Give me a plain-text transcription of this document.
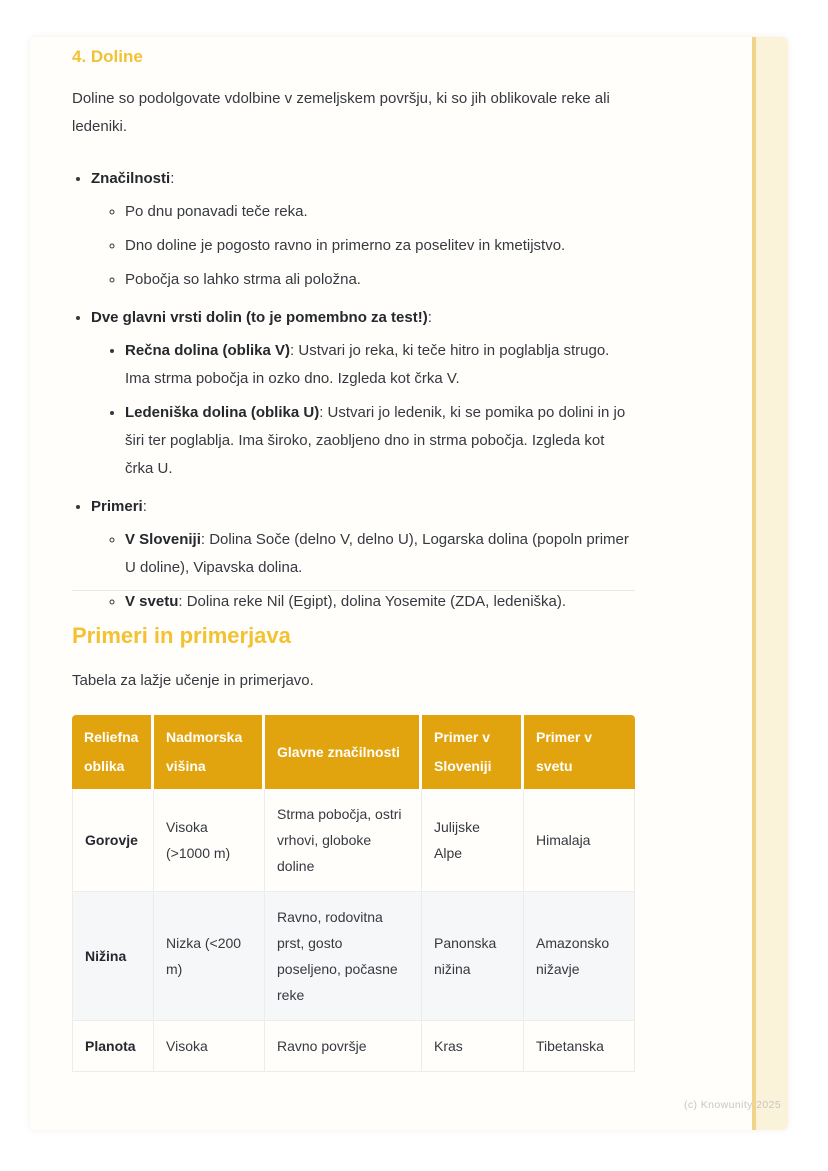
4. Doline

Doline so podolgovate vdolbine v zemeljskem površju, ki so jih oblikovale reke ali ledeniki.

• Značilnosti:
◦ Po dnu ponavadi teče reka.
◦ Dno doline je pogosto ravno in primerno za poselitev in kmetijstvo.
◦ Pobočja so lahko strma ali položna.
• Dve glavni vrsti dolin (to je pomembno za test!):
• Rečna dolina (oblika V): Ustvari jo reka, ki teče hitro in poglablja strugo. Ima strma pobočja in ozko dno. Izgleda kot črka V.
• Ledeniška dolina (oblika U): Ustvari jo ledenik, ki se pomika po dolini in jo širi ter poglablja. Ima široko, zaobljeno dno in strma pobočja. Izgleda kot črka U.
• Primeri:
◦ V Sloveniji: Dolina Soče (delno V, delno U), Logarska dolina (popoln primer U doline), Vipavska dolina.
◦ V svetu: Dolina reke Nil (Egipt), dolina Yosemite (ZDA, ledeniška).
Primeri in primerjava

Tabela za lažje učenje in primerjavo.

Reliefna oblika	Nadmorska višina	Glavne značilnosti	Primer v Sloveniji	Primer v svetu
Gorovje	Visoka (>1000 m)	Strma pobočja, ostri vrhovi, globoke doline	Julijske Alpe	Himalaja
Nižina	Nizka (<200 m)	Ravno, rodovitna prst, gosto poseljeno, počasne reke	Panonska nižina	Amazonsko nižavje
Planota	Visoka	Ravno površje	Kras	Tibetanska
(c) Knowunity 2025
